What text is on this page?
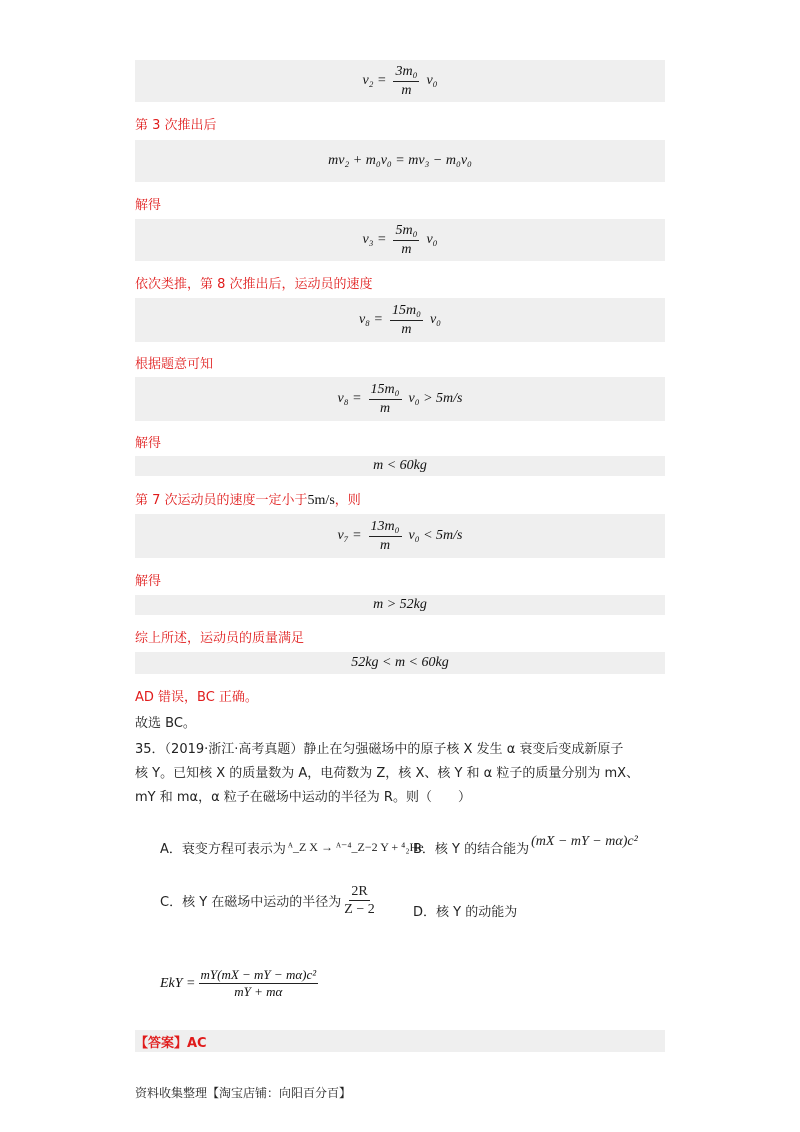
$v_2 = \frac{\text{3m₀}}{m} v_0$
第 3 次推出后
mv₂ + m₀v₀ = mv₃ − m₀v₀
解得
$v_3 = \frac{\text{5m₀}}{m} v_0$
依次类推，第 8 次推出后，运动员的速度
$v_8 = \frac{\text{15m₀}}{m} v_0$
根据题意可知
$v_8 = \frac{\text{15m₀}}{m} v_0 > 5m/s$
解得
m < 60kg
第 7 次运动员的速度一定小于5m/s，则
$v_7 = \frac{\text{13m₀}}{m} v_0 < 5m/s$
解得
m > 52kg
综上所述，运动员的质量满足
52kg < m < 60kg
AD 错误，BC 正确。
故选 BC。
35．（2019·浙江·高考真题）静止在匀强磁场中的原子核 X 发生 α 衰变后变成新原子
核 Y。已知核 X 的质量数为 A，电荷数为 Z，核 X、核 Y 和 α 粒子的质量分别为 mX、
mY 和 mα，α 粒子在磁场中运动的半径为 R。则（　　）
A．衰变方程可表示为 ᴬ_Z X → ᴬ⁻⁴_Z−2 Y + ⁴₂He
B．核 Y 的结合能为
(mX − mY − mα)c²
C．核 Y 在磁场中运动的半径为 $\frac{2R}{Z - 2}$	D．核 Y 的动能为
EkY = $\frac{\text{mY(mX − mY − mα)c²}}{mY + m\alpha}$
【答案】AC
资料收集整理【淘宝店铺：向阳百分百】
